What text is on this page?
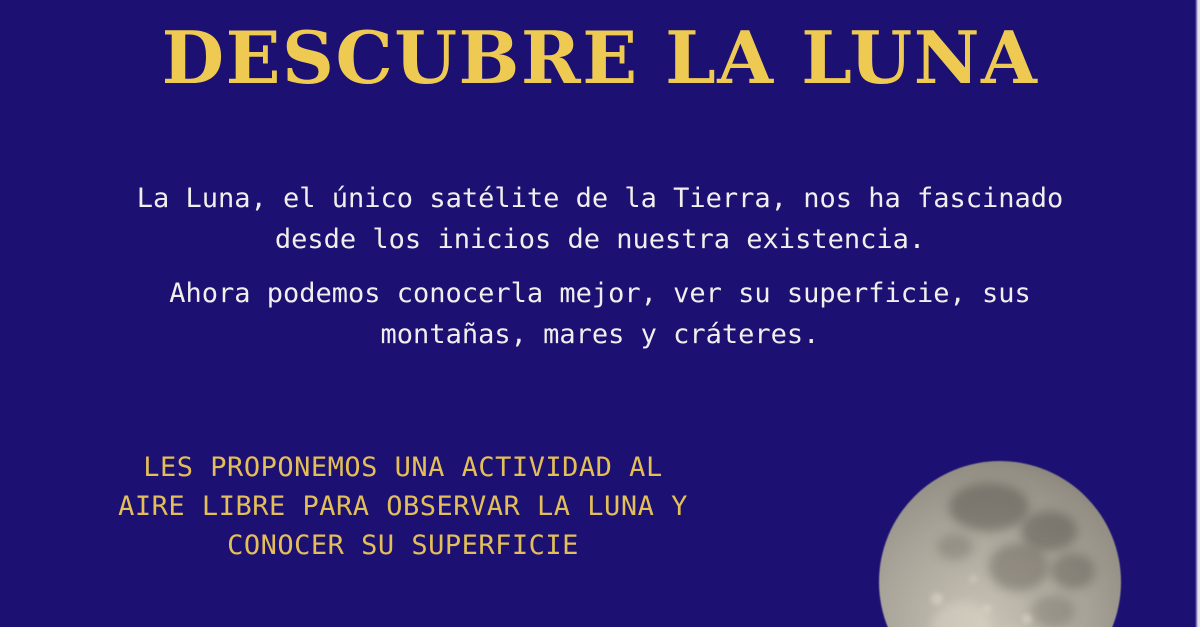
DESCUBRE LA LUNA

La Luna, el único satélite de la Tierra, nos ha fascinado
desde los inicios de nuestra existencia.

Ahora podemos conocerla mejor, ver su superficie, sus
montañas, mares y cráteres.

LES PROPONEMOS UNA ACTIVIDAD AL
AIRE LIBRE PARA OBSERVAR LA LUNA Y
CONOCER SU SUPERFICIE
